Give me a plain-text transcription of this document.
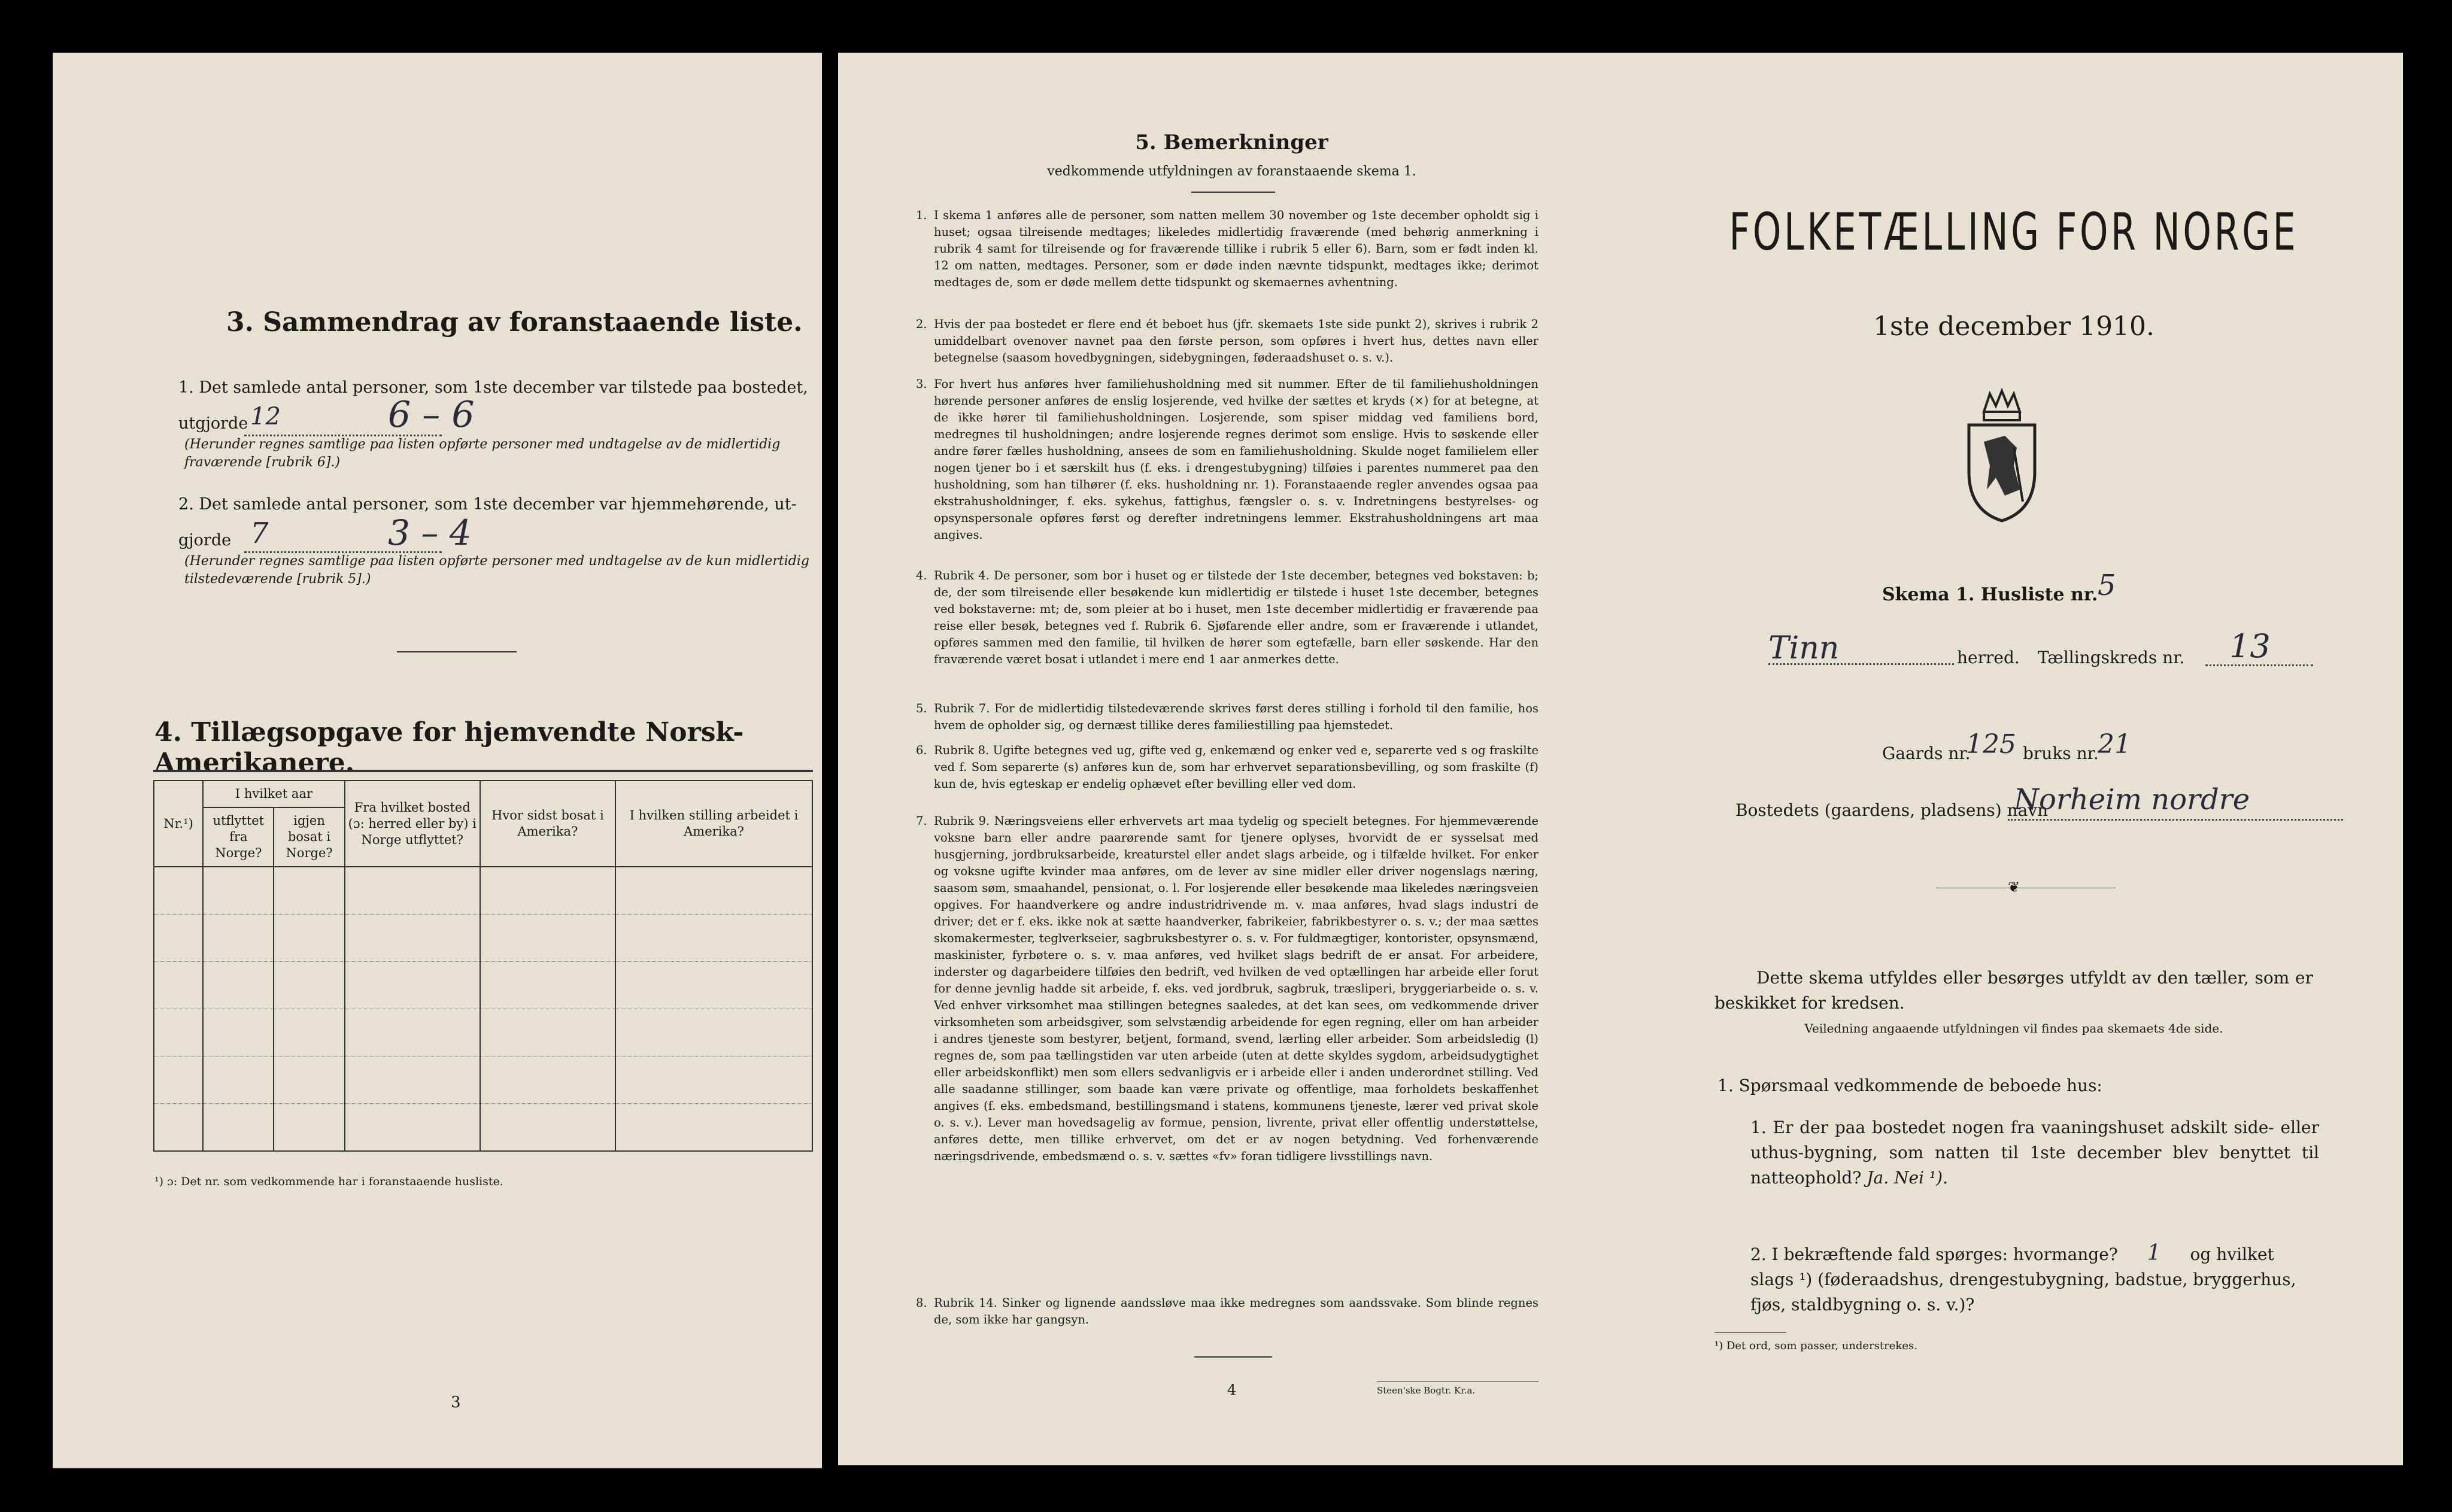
3. Sammendrag av foranstaaende liste.
1. Det samlede antal personer, som 1ste december var tilstede paa bostedet,
utgjorde 12	6 – 6
(Herunder regnes samtlige paa listen opførte personer med undtagelse av de midlertidig fraværende [rubrik 6].)
2. Det samlede antal personer, som 1ste december var hjemmehørende, ut-
gjorde 7	3 – 4
(Herunder regnes samtlige paa listen opførte personer med undtagelse av de kun midlertidig tilstedeværende [rubrik 5].)
4. Tillægsopgave for hjemvendte Norsk-Amerikanere.
Nr.¹)	I hvilket aar		Fra hvilket bosted (ɔ: herred eller by) i Norge utflyttet?	Hvor sidst bosat i Amerika?	I hvilken stilling arbeidet i Amerika?
	utflyttet fra Norge?	igjen bosat i Norge?			

¹) ɔ: Det nr. som vedkommende har i foranstaaende husliste.
3
5. Bemerkninger
vedkommende utfyldningen av foranstaaende skema 1.
1. I skema 1 anføres alle de personer, som natten mellem 30 november og 1ste december opholdt sig i huset; ogsaa tilreisende medtages; likeledes midlertidig fraværende (med behørig anmerkning i rubrik 4 samt for tilreisende og for fraværende tillike i rubrik 5 eller 6). Barn, som er født inden kl. 12 om natten, medtages. Personer, som er døde inden nævnte tidspunkt, medtages ikke; derimot medtages de, som er døde mellem dette tidspunkt og skemaernes avhentning.
2. Hvis der paa bostedet er flere end ét beboet hus (jfr. skemaets 1ste side punkt 2), skrives i rubrik 2 umiddelbart ovenover navnet paa den første person, som opføres i hvert hus, dettes navn eller betegnelse (saasom hovedbygningen, sidebygningen, føderaadshuset o. s. v.).
3. For hvert hus anføres hver familiehusholdning med sit nummer. Efter de til familiehusholdningen hørende personer anføres de enslig losjerende, ved hvilke der sættes et kryds (×) for at betegne, at de ikke hører til familiehusholdningen. Losjerende, som spiser middag ved familiens bord, medregnes til husholdningen; andre losjerende regnes derimot som enslige. Hvis to søskende eller andre fører fælles husholdning, ansees de som en familiehusholdning. Skulde noget familielem eller nogen tjener bo i et særskilt hus (f. eks. i drengestubygning) tilføies i parentes nummeret paa den husholdning, som han tilhører (f. eks. husholdning nr. 1). Foranstaaende regler anvendes ogsaa paa ekstrahusholdninger, f. eks. sykehus, fattighus, fængsler o. s. v. Indretningens bestyrelses- og opsynspersonale opføres først og derefter indretningens lemmer. Ekstrahusholdningens art maa angives.
4. Rubrik 4. De personer, som bor i huset og er tilstede der 1ste december, betegnes ved bokstaven: b; de, der som tilreisende eller besøkende kun midlertidig er tilstede i huset 1ste december, betegnes ved bokstaverne: mt; de, som pleier at bo i huset, men 1ste december midlertidig er fraværende paa reise eller besøk, betegnes ved f. Rubrik 6. Sjøfarende eller andre, som er fraværende i utlandet, opføres sammen med den familie, til hvilken de hører som egtefælle, barn eller søskende. Har den fraværende været bosat i utlandet i mere end 1 aar anmerkes dette.
5. Rubrik 7. For de midlertidig tilstedeværende skrives først deres stilling i forhold til den familie, hos hvem de opholder sig, og dernæst tillike deres familiestilling paa hjemstedet.
6. Rubrik 8. Ugifte betegnes ved ug, gifte ved g, enkemænd og enker ved e, separerte ved s og fraskilte ved f. Som separerte (s) anføres kun de, som har erhvervet separationsbevilling, og som fraskilte (f) kun de, hvis egteskap er endelig ophævet efter bevilling eller ved dom.
7. Rubrik 9. Næringsveiens eller erhvervets art maa tydelig og specielt betegnes. For hjemmeværende voksne barn eller andre paarørende samt for tjenere oplyses, hvorvidt de er sysselsat med husgjerning, jordbruksarbeide, kreaturstel eller andet slags arbeide, og i tilfælde hvilket. For enker og voksne ugifte kvinder maa anføres, om de lever av sine midler eller driver nogenslags næring, saasom søm, smaahandel, pensionat, o. l. For losjerende eller besøkende maa likeledes næringsveien opgives. For haandverkere og andre industridrivende m. v. maa anføres, hvad slags industri de driver; det er f. eks. ikke nok at sætte haandverker, fabrikeier, fabrikbestyrer o. s. v.; der maa sættes skomakermester, teglverkseier, sagbruksbestyrer o. s. v. For fuldmægtiger, kontorister, opsynsmænd, maskinister, fyrbøtere o. s. v. maa anføres, ved hvilket slags bedrift de er ansat. For arbeidere, inderster og dagarbeidere tilføies den bedrift, ved hvilken de ved optællingen har arbeide eller forut for denne jevnlig hadde sit arbeide, f. eks. ved jordbruk, sagbruk, træsliperi, bryggeriarbeide o. s. v. Ved enhver virksomhet maa stillingen betegnes saaledes, at det kan sees, om vedkommende driver virksomheten som arbeidsgiver, som selvstændig arbeidende for egen regning, eller om han arbeider i andres tjeneste som bestyrer, betjent, formand, svend, lærling eller arbeider. Som arbeidsledig (l) regnes de, som paa tællingstiden var uten arbeide (uten at dette skyldes sygdom, arbeidsudygtighet eller arbeidskonflikt) men som ellers sedvanligvis er i arbeide eller i anden underordnet stilling. Ved alle saadanne stillinger, som baade kan være private og offentlige, maa forholdets beskaffenhet angives (f. eks. embedsmand, bestillingsmand i statens, kommunens tjeneste, lærer ved privat skole o. s. v.). Lever man hovedsagelig av formue, pension, livrente, privat eller offentlig understøttelse, anføres dette, men tillike erhvervet, om det er av nogen betydning. Ved forhenværende næringsdrivende, embedsmænd o. s. v. sættes «fv» foran tidligere livsstillings navn.
8. Rubrik 14. Sinker og lignende aandssløve maa ikke medregnes som aandssvake. Som blinde regnes de, som ikke har gangsyn.
4	Steen'ske Bogtr. Kr.a.
FOLKETÆLLING FOR NORGE
1ste december 1910.
Skema 1. Husliste nr. 5
Tinn	herred. Tællingskreds nr. 13
Gaards nr.
125 bruks nr.
21
Bostedets (gaardens, pladsens) navn
Norheim nordre
❦
Dette skema utfyldes eller besørges utfyldt av den tæller, som er beskikket for kredsen.
Veiledning angaaende utfyldningen vil findes paa skemaets 4de side.
1. Spørsmaal vedkommende de beboede hus:
1. Er der paa bostedet nogen fra vaaningshuset adskilt side- eller uthus-bygning, som natten til 1ste december blev benyttet til natteophold? Ja. Nei ¹).
2. I bekræftende fald spørges: hvormange? 1 og hvilket slags ¹) (føderaadshus, drengestubygning, badstue, bryggerhus, fjøs, staldbygning o. s. v.)?
¹) Det ord, som passer, understrekes.
